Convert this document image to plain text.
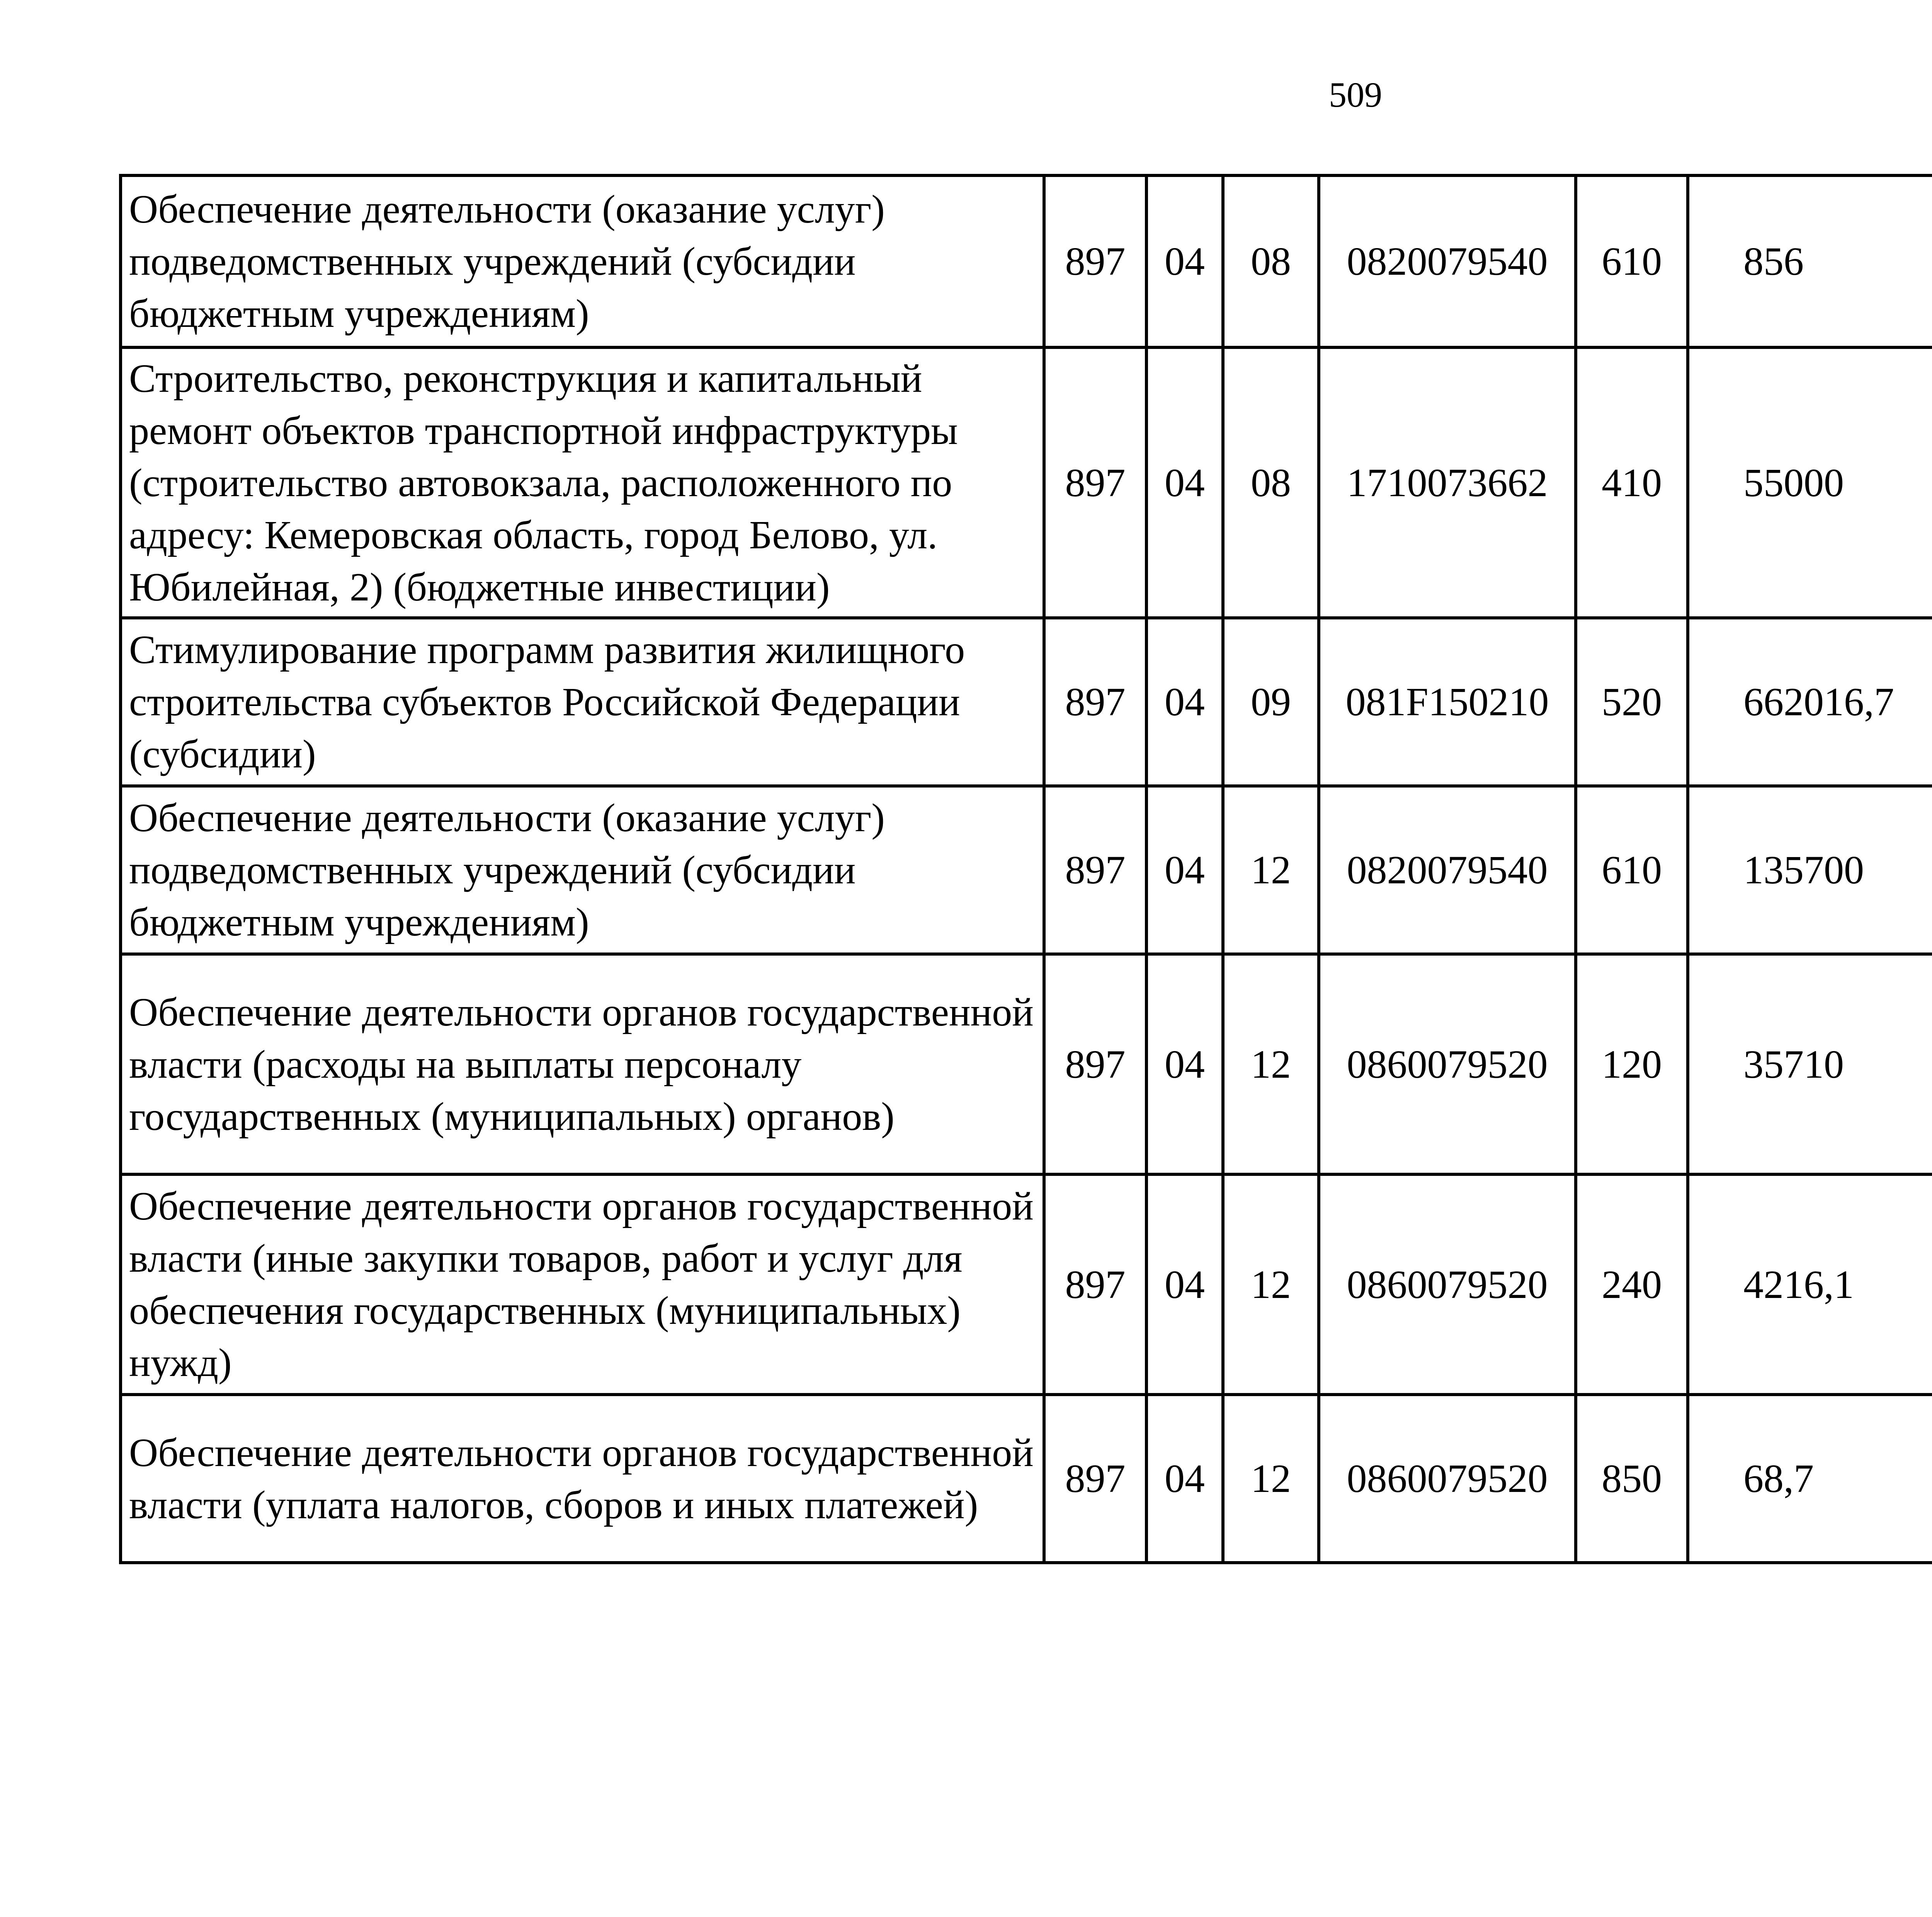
509
Обеспечение деятельности (оказание услуг) подведомственных учреждений (субсидии бюджетным учреждениям)	897	04	08	0820079540	610	856		
Строительство, реконструкция и капитальный ремонт объектов транспортной инфраструктуры (строительство автовокзала, расположенного по адресу: Кемеровская область, город Белово, ул. Юбилейная, 2) (бюджетные инвестиции)	897	04	08	1710073662	410	55000		
Стимулирование программ развития жилищного строительства субъектов Российской Федерации (субсидии)	897	04	09	081F150210	520	662016,7		
Обеспечение деятельности (оказание услуг) подведомственных учреждений (субсидии бюджетным учреждениям)	897	04	12	0820079540	610	135700		
Обеспечение деятельности органов государственной власти (расходы на выплаты персоналу государственных (муниципальных) органов)	897	04	12	0860079520	120	35710		
Обеспечение деятельности органов государственной власти (иные закупки товаров, работ и услуг для обеспечения государственных (муниципальных) нужд)	897	04	12	0860079520	240	4216,1		
Обеспечение деятельности органов государственной власти (уплата налогов, сборов и иных платежей)	897	04	12	0860079520	850	68,7		
